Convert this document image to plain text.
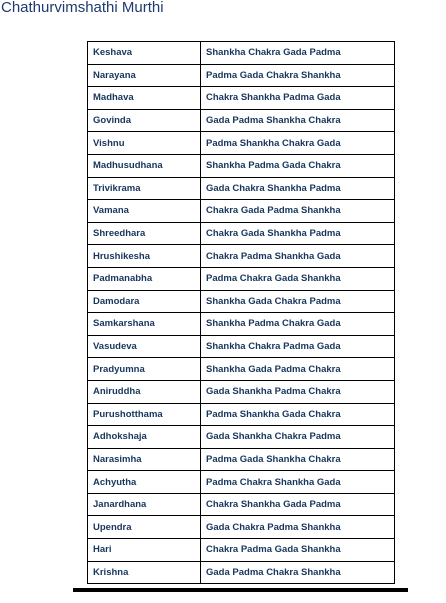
Chathurvimshathi Murthi
Keshava	Shankha Chakra Gada Padma
Narayana	Padma Gada Chakra Shankha
Madhava	Chakra Shankha Padma Gada
Govinda	Gada Padma Shankha Chakra
Vishnu	Padma Shankha Chakra Gada
Madhusudhana	Shankha Padma Gada Chakra
Trivikrama	Gada Chakra Shankha Padma
Vamana	Chakra Gada Padma Shankha
Shreedhara	Chakra Gada Shankha Padma
Hrushikesha	Chakra Padma Shankha Gada
Padmanabha	Padma Chakra Gada Shankha
Damodara	Shankha Gada Chakra Padma
Samkarshana	Shankha Padma Chakra Gada
Vasudeva	Shankha Chakra Padma Gada
Pradyumna	Shankha Gada Padma Chakra
Aniruddha	Gada Shankha Padma Chakra
Purushotthama	Padma Shankha Gada Chakra
Adhokshaja	Gada Shankha Chakra Padma
Narasimha	Padma Gada Shankha Chakra
Achyutha	Padma Chakra Shankha Gada
Janardhana	Chakra Shankha Gada Padma
Upendra	Gada Chakra Padma Shankha
Hari	Chakra Padma Gada Shankha
Krishna	Gada Padma Chakra Shankha
